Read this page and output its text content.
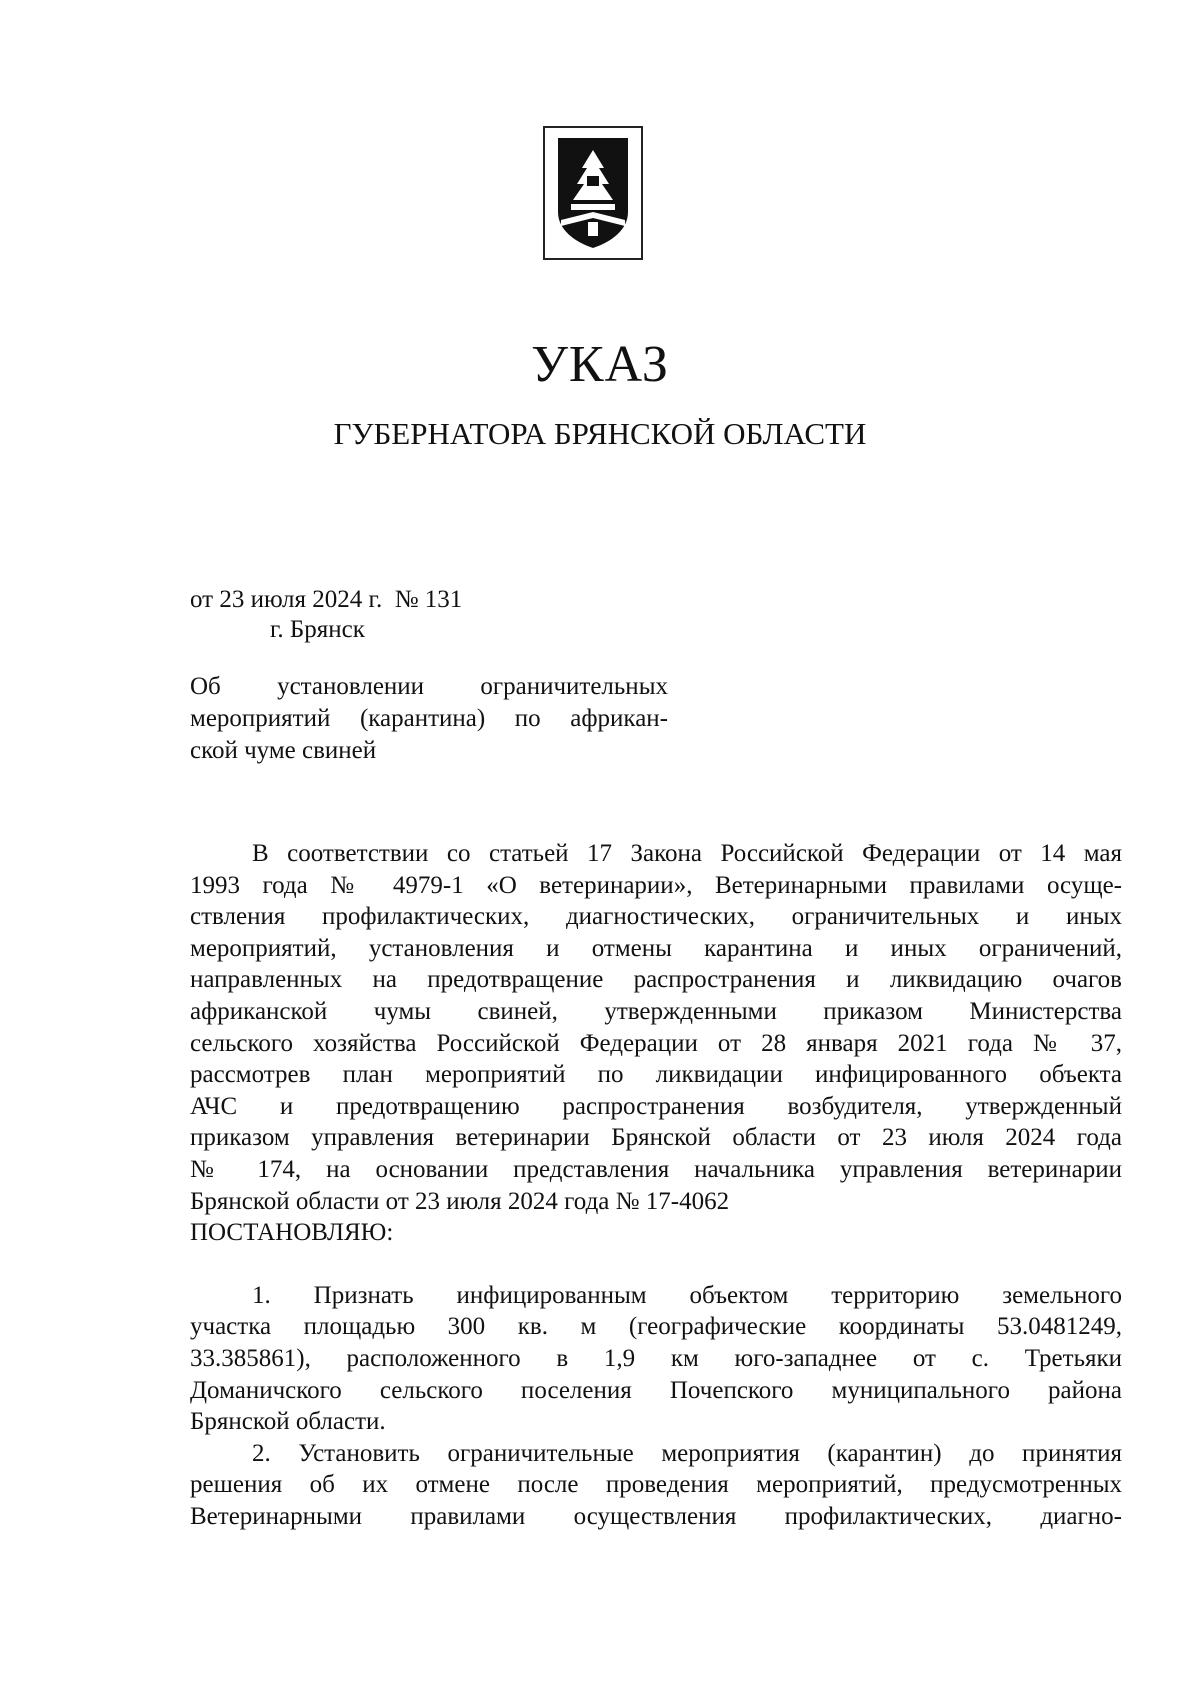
УКАЗ
ГУБЕРНАТОРА БРЯНСКОЙ ОБЛАСТИ
от 23 июля 2024 г.  № 131
г. Брянск
Об установлении ограничительных
мероприятий (карантина) по африкан-
ской чуме свиней
В соответствии со статьей 17 Закона Российской Федерации от 14 мая
1993 года № 4979-1 «О ветеринарии», Ветеринарными правилами осуще-
ствления профилактических, диагностических, ограничительных и иных
мероприятий, установления и отмены карантина и иных ограничений,
направленных на предотвращение распространения и ликвидацию очагов
африканской чумы свиней, утвержденными приказом Министерства
сельского хозяйства Российской Федерации от 28 января 2021 года № 37,
рассмотрев план мероприятий по ликвидации инфицированного объекта
АЧС и предотвращению распространения возбудителя, утвержденный
приказом управления ветеринарии Брянской области от 23 июля 2024 года
№ 174, на основании представления начальника управления ветеринарии
Брянской области от 23 июля 2024 года № 17-4062
ПОСТАНОВЛЯЮ:
1. Признать инфицированным объектом территорию земельного
участка площадью 300 кв. м (географические координаты 53.0481249,
33.385861), расположенного в 1,9 км юго-западнее от с. Третьяки
Доманичского сельского поселения Почепского муниципального района
Брянской области.
2. Установить ограничительные мероприятия (карантин) до принятия
решения об их отмене после проведения мероприятий, предусмотренных
Ветеринарными правилами осуществления профилактических, диагно-
